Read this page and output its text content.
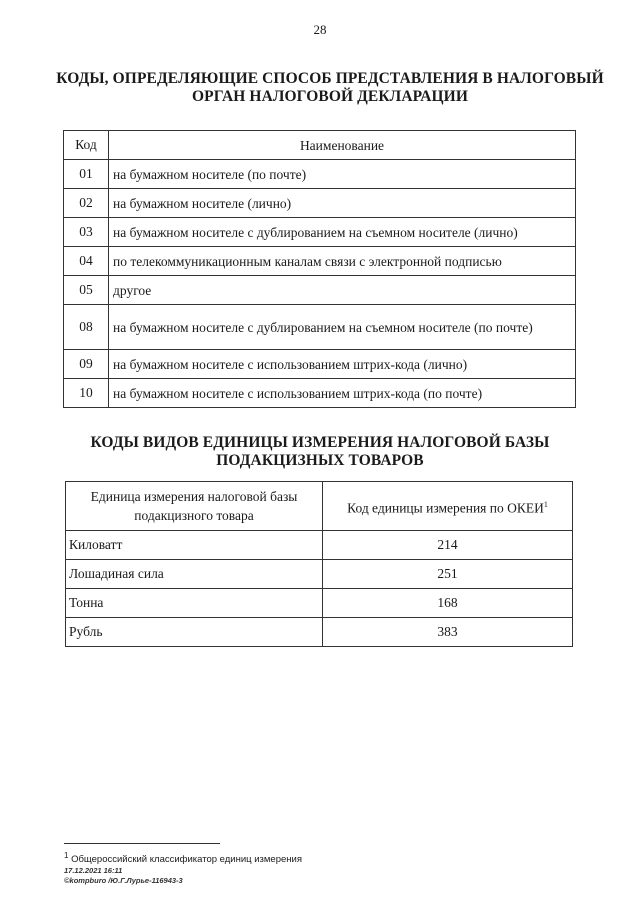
28
КОДЫ, ОПРЕДЕЛЯЮЩИЕ СПОСОБ ПРЕДСТАВЛЕНИЯ В НАЛОГОВЫЙ
ОРГАН НАЛОГОВОЙ ДЕКЛАРАЦИИ
Код	Наименование
01	на бумажном носителе (по почте)
02	на бумажном носителе (лично)
03	на бумажном носителе с дублированием на съемном носителе (лично)
04	по телекоммуникационным каналам связи с электронной подписью
05	другое
08	на бумажном носителе с дублированием на съемном носителе (по почте)
09	на бумажном носителе с использованием штрих-кода (лично)
10	на бумажном носителе с использованием штрих-кода (по почте)
КОДЫ ВИДОВ ЕДИНИЦЫ ИЗМЕРЕНИЯ НАЛОГОВОЙ БАЗЫ
ПОДАКЦИЗНЫХ ТОВАРОВ
Единица измерения налоговой базы подакцизного товара	Код единицы измерения по ОКЕИ$^1$
Киловатт	214
Лошадиная сила	251
Тонна	168
Рубль	383
$^1$ Общероссийский классификатор единиц измерения
17.12.2021 16:11
©kompburo /Ю.Г.Лурье-116943-3
